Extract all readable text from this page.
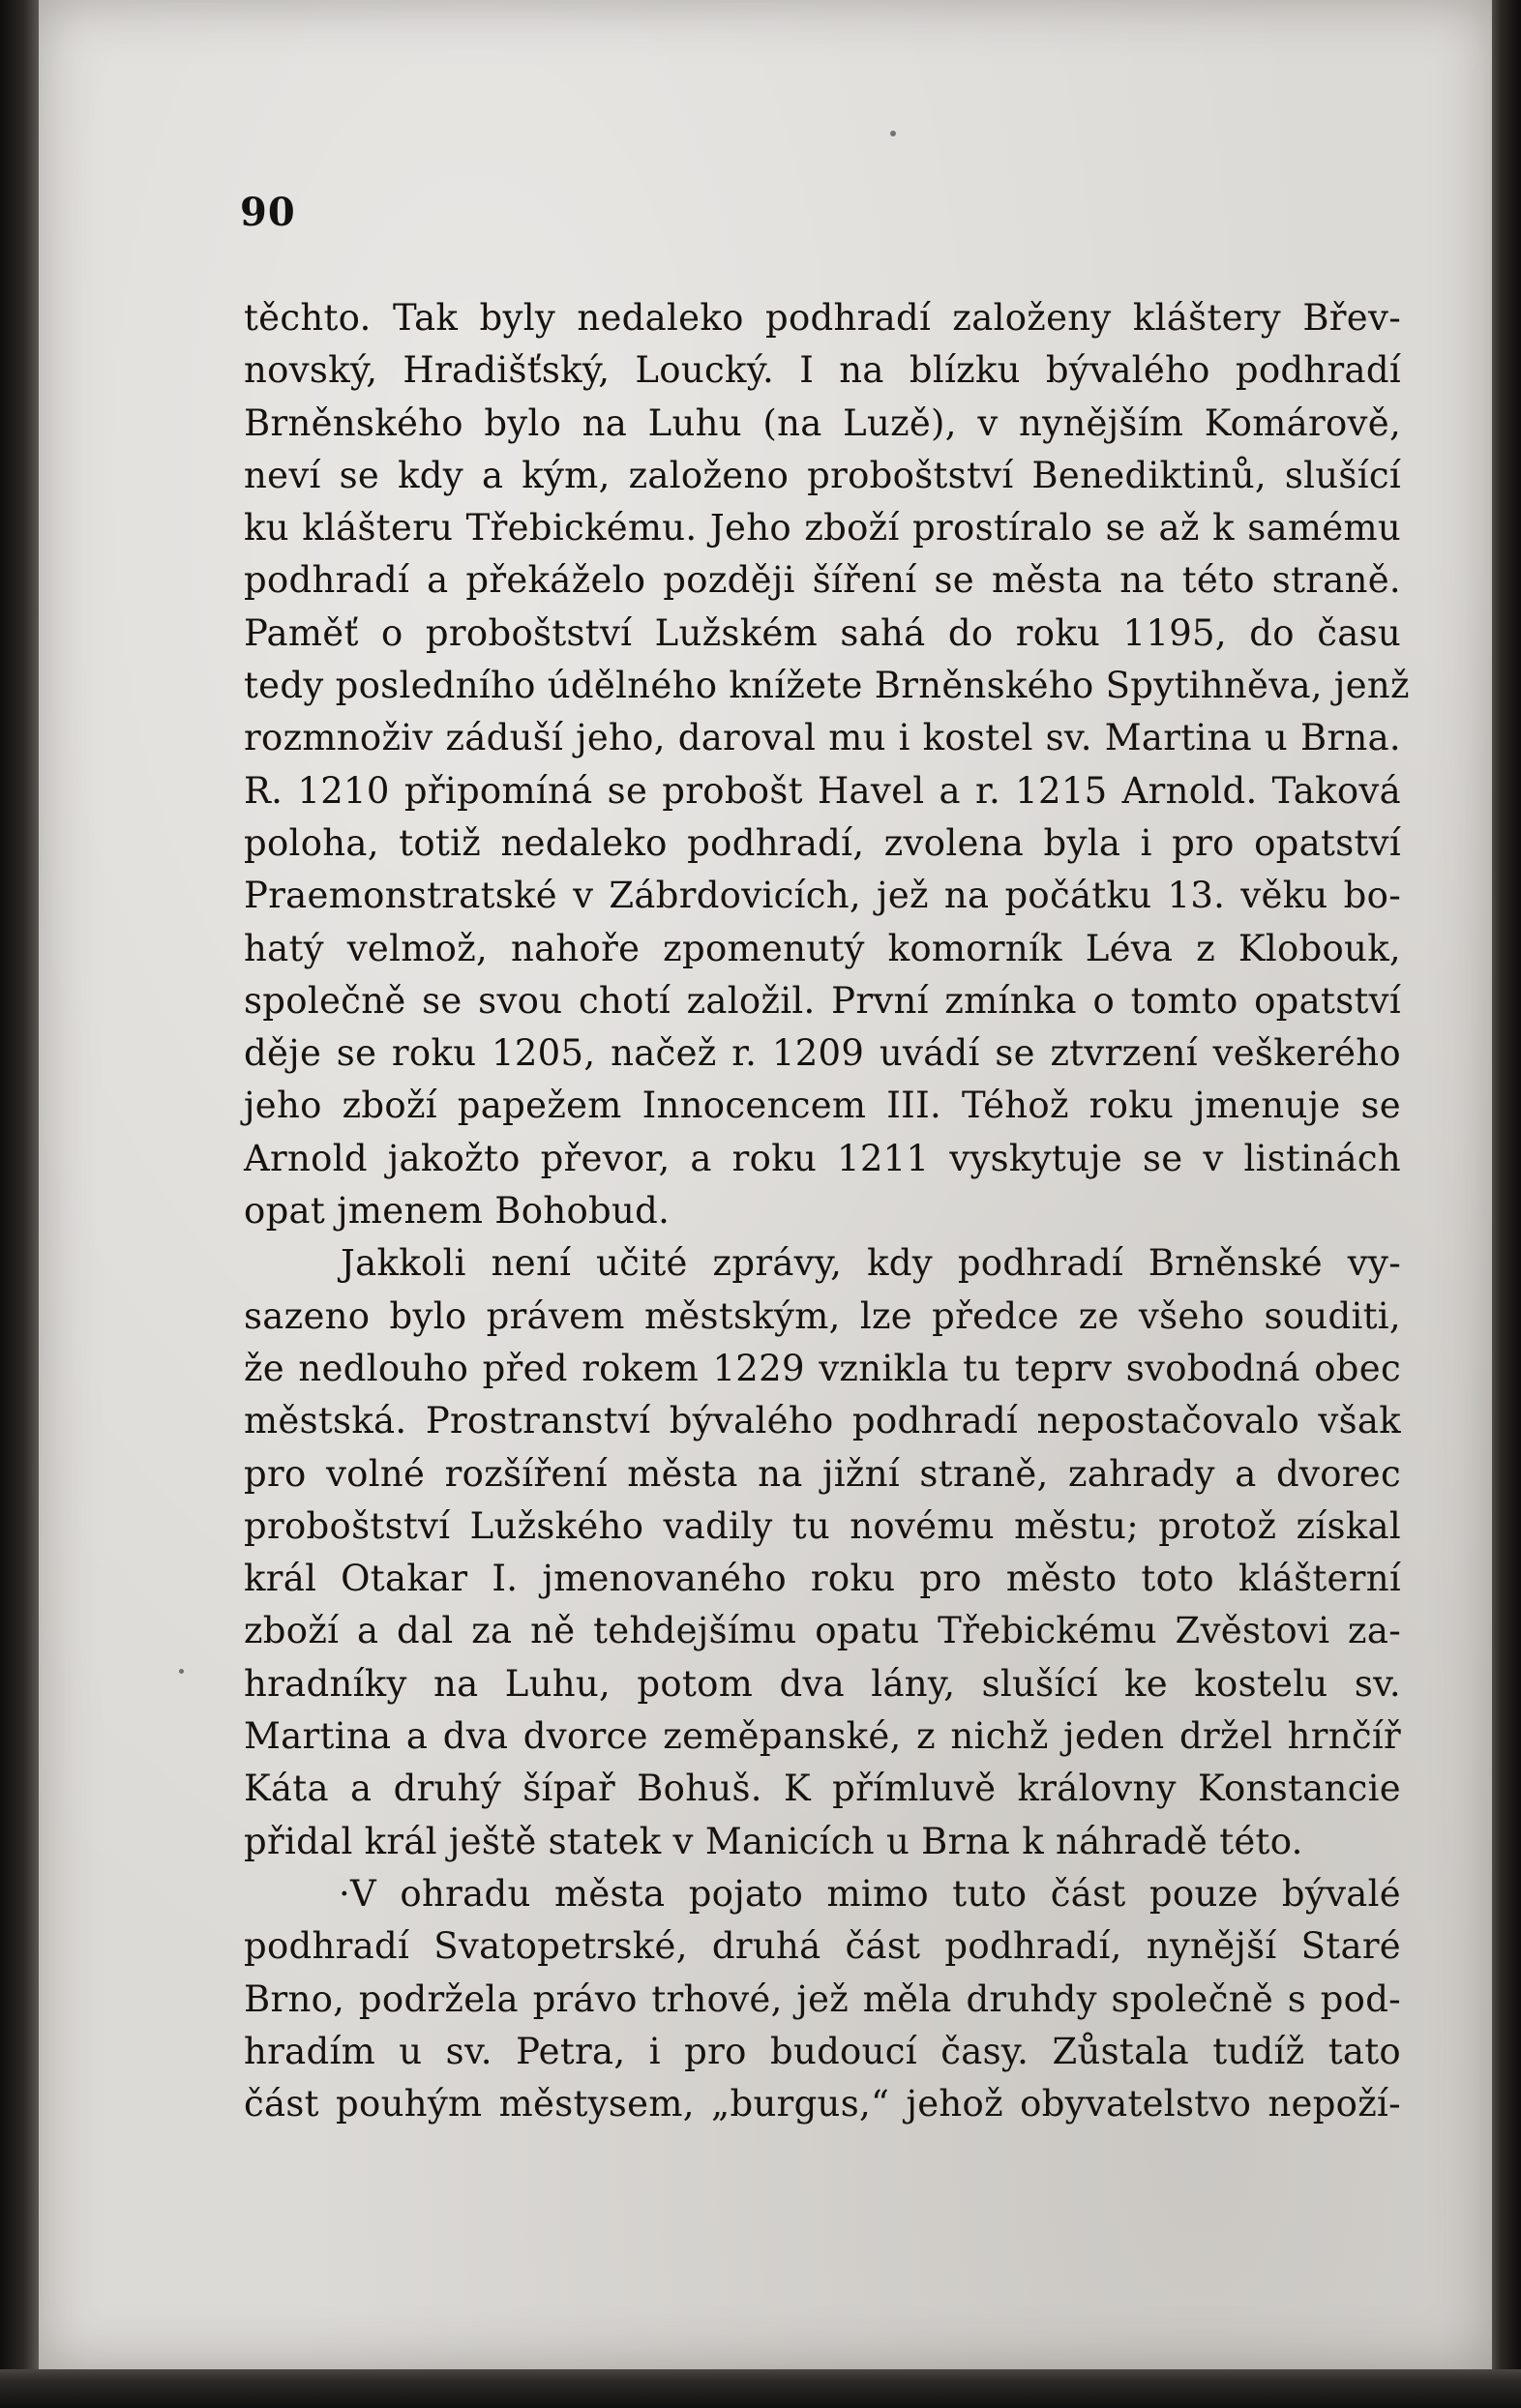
90
těchto. Tak byly nedaleko podhradí založeny kláštery Břev-
novský, Hradišťský, Loucký. I na blízku bývalého podhradí
Brněnského bylo na Luhu (na Luzě), v nynějším Komárově,
neví se kdy a kým, založeno proboštství Benediktinů, slušící
ku klášteru Třebickému. Jeho zboží prostíralo se až k samému
podhradí a překáželo později šíření se města na této straně.
Paměť o proboštství Lužském sahá do roku 1195, do času
tedy posledního údělného knížete Brněnského Spytihněva, jenž
rozmnoživ záduší jeho, daroval mu i kostel sv. Martina u Brna.
R. 1210 připomíná se probošt Havel a r. 1215 Arnold. Taková
poloha, totiž nedaleko podhradí, zvolena byla i pro opatství
Praemonstratské v Zábrdovicích, jež na počátku 13. věku bo-
hatý velmož, nahoře zpomenutý komorník Léva z Klobouk,
společně se svou chotí založil. První zmínka o tomto opatství
děje se roku 1205, načež r. 1209 uvádí se ztvrzení veškerého
jeho zboží papežem Innocencem III. Téhož roku jmenuje se
Arnold jakožto převor, a roku 1211 vyskytuje se v listinách
opat jmenem Bohobud.
Jakkoli není učité zprávy, kdy podhradí Brněnské vy-
sazeno bylo právem městským, lze předce ze všeho souditi,
že nedlouho před rokem 1229 vznikla tu teprv svobodná obec
městská. Prostranství bývalého podhradí nepostačovalo však
pro volné rozšíření města na jižní straně, zahrady a dvorec
proboštství Lužského vadily tu novému městu; protož získal
král Otakar I. jmenovaného roku pro město toto klášterní
zboží a dal za ně tehdejšímu opatu Třebickému Zvěstovi za-
hradníky na Luhu, potom dva lány, slušící ke kostelu sv.
Martina a dva dvorce zeměpanské, z nichž jeden držel hrnčíř
Káta a druhý šípař Bohuš. K přímluvě královny Konstancie
přidal král ještě statek v Manicích u Brna k náhradě této.
·V ohradu města pojato mimo tuto část pouze bývalé
podhradí Svatopetrské, druhá část podhradí, nynější Staré
Brno, podržela právo trhové, jež měla druhdy společně s pod-
hradím u sv. Petra, i pro budoucí časy. Zůstala tudíž tato
část pouhým městysem, „burgus,“ jehož obyvatelstvo nepoží-
